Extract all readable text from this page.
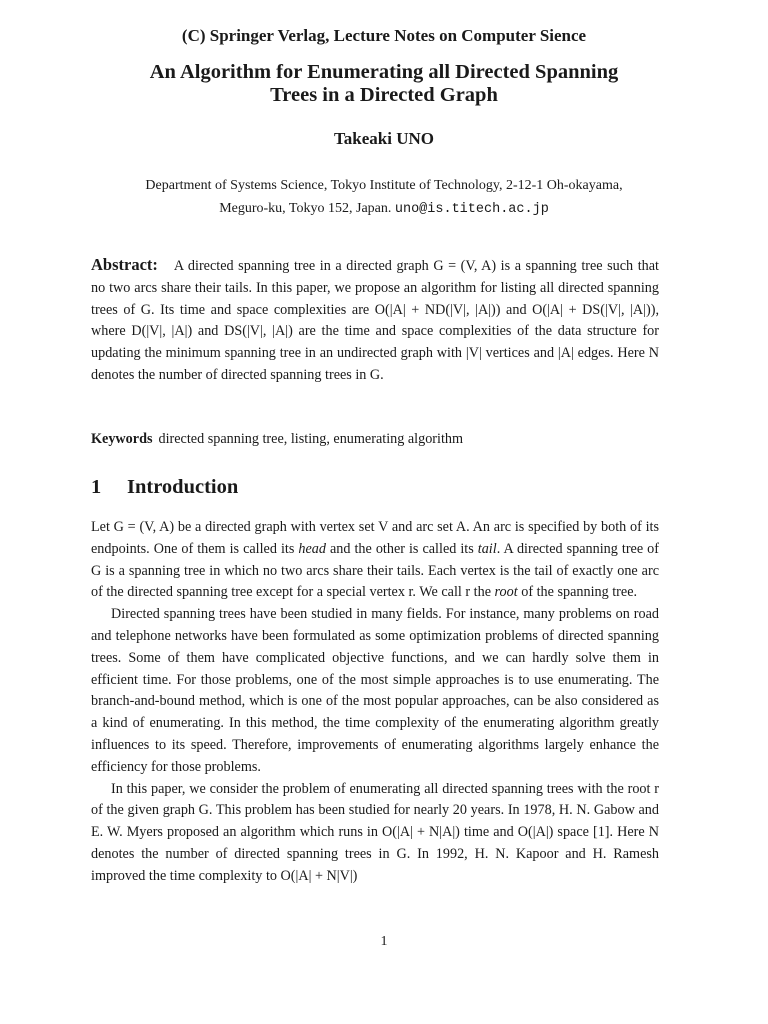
(C) Springer Verlag, Lecture Notes on Computer Sience
An Algorithm for Enumerating all Directed Spanning
Trees in a Directed Graph
Takeaki UNO
Department of Systems Science, Tokyo Institute of Technology, 2-12-1 Oh-okayama,
Meguro-ku, Tokyo 152, Japan. uno@is.titech.ac.jp
Abstract: A directed spanning tree in a directed graph G = (V, A) is a spanning tree such that no two arcs share their tails. In this paper, we propose an algorithm for listing all directed spanning trees of G. Its time and space complexities are O(|A| + ND(|V|, |A|)) and O(|A| + DS(|V|, |A|)), where D(|V|, |A|) and DS(|V|, |A|) are the time and space complexities of the data structure for updating the minimum spanning tree in an undirected graph with |V| vertices and |A| edges. Here N denotes the number of directed spanning trees in G.
Keywords directed spanning tree, listing, enumerating algorithm
1 Introduction

Let G = (V, A) be a directed graph with vertex set V and arc set A. An arc is specified by both of its endpoints. One of them is called its head and the other is called its tail. A directed spanning tree of G is a spanning tree in which no two arcs share their tails. Each vertex is the tail of exactly one arc of the directed spanning tree except for a special vertex r. We call r the root of the spanning tree.

Directed spanning trees have been studied in many fields. For instance, many problems on road and telephone networks have been formulated as some optimization problems of directed spanning trees. Some of them have complicated objective functions, and we can hardly solve them in efficient time. For those problems, one of the most simple approaches is to use enumerating. The branch-and-bound method, which is one of the most popular approaches, can be also considered as a kind of enumerating. In this method, the time complexity of the enumerating algorithm greatly influences to its speed. Therefore, improvements of enumerating algorithms largely enhance the efficiency for those problems.

In this paper, we consider the problem of enumerating all directed spanning trees with the root r of the given graph G. This problem has been studied for nearly 20 years. In 1978, H. N. Gabow and E. W. Myers proposed an algorithm which runs in O(|A| + N|A|) time and O(|A|) space [1]. Here N denotes the number of directed spanning trees in G. In 1992, H. N. Kapoor and H. Ramesh improved the time complexity to O(|A| + N|V|)

1
